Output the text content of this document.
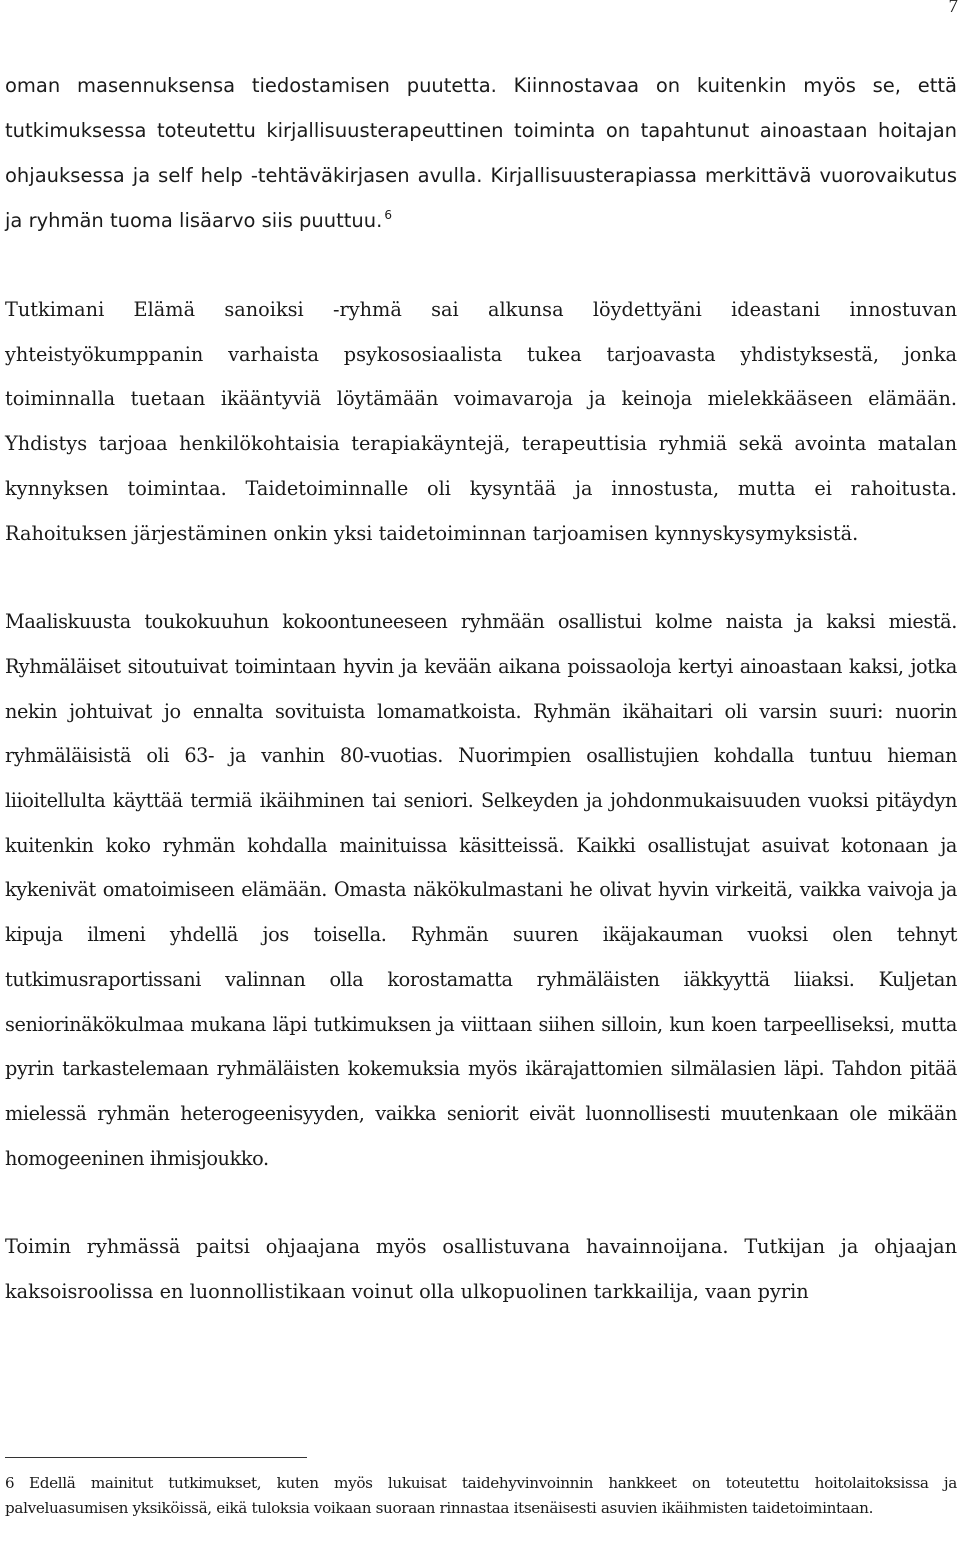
7

oman masennuksensa tiedostamisen puutetta. Kiinnostavaa on kuitenkin myös se, että tutkimuksessa toteutettu kirjallisuusterapeuttinen toiminta on tapahtunut ainoastaan hoitajan ohjauksessa ja self help -tehtäväkirjasen avulla. Kirjallisuusterapiassa merkittävä vuorovaikutus ja ryhmän tuoma lisäarvo siis puuttuu. $^6$

Tutkimani Elämä sanoiksi -ryhmä sai alkunsa löydettyäni ideastani innostuvan yhteistyökumppanin varhaista psykososiaalista tukea tarjoavasta yhdistyksestä, jonka toiminnalla tuetaan ikääntyviä löytämään voimavaroja ja keinoja mielekkääseen elämään. Yhdistys tarjoaa henkilökohtaisia terapiakäyntejä, terapeuttisia ryhmiä sekä avointa matalan kynnyksen toimintaa. Taidetoiminnalle oli kysyntää ja innostusta, mutta ei rahoitusta. Rahoituksen järjestäminen onkin yksi taidetoiminnan tarjoamisen kynnyskysymyksistä.

Maaliskuusta toukokuuhun kokoontuneeseen ryhmään osallistui kolme naista ja kaksi miestä. Ryhmäläiset sitoutuivat toimintaan hyvin ja kevään aikana poissaoloja kertyi ainoastaan kaksi, jotka nekin johtuivat jo ennalta sovituista lomamatkoista. Ryhmän ikähaitari oli varsin suuri: nuorin ryhmäläisistä oli 63- ja vanhin 80-vuotias. Nuorimpien osallistujien kohdalla tuntuu hieman liioitellulta käyttää termiä ikäihminen tai seniori. Selkeyden ja johdonmukaisuuden vuoksi pitäydyn kuitenkin koko ryhmän kohdalla mainituissa käsitteissä. Kaikki osallistujat asuivat kotonaan ja kykenivät omatoimiseen elämään. Omasta näkökulmastani he olivat hyvin virkeitä, vaikka vaivoja ja kipuja ilmeni yhdellä jos toisella. Ryhmän suuren ikäjakauman vuoksi olen tehnyt tutkimusraportissani valinnan olla korostamatta ryhmäläisten iäkkyyttä liiaksi. Kuljetan seniorinäkökulmaa mukana läpi tutkimuksen ja viittaan siihen silloin, kun koen tarpeelliseksi, mutta pyrin tarkastelemaan ryhmäläisten kokemuksia myös ikärajattomien silmälasien läpi. Tahdon pitää mielessä ryhmän heterogeenisyyden, vaikka seniorit eivät luonnollisesti muutenkaan ole mikään homogeeninen ihmisjoukko.

Toimin ryhmässä paitsi ohjaajana myös osallistuvana havainnoijana. Tutkijan ja ohjaajan kaksoisroolissa en luonnollistikaan voinut olla ulkopuolinen tarkkailija, vaan pyrin

6 Edellä mainitut tutkimukset, kuten myös lukuisat taidehyvinvoinnin hankkeet on toteutettu hoitolaitoksissa ja palveluasumisen yksiköissä, eikä tuloksia voikaan suoraan rinnastaa itsenäisesti asuvien ikäihmisten taidetoimintaan.
